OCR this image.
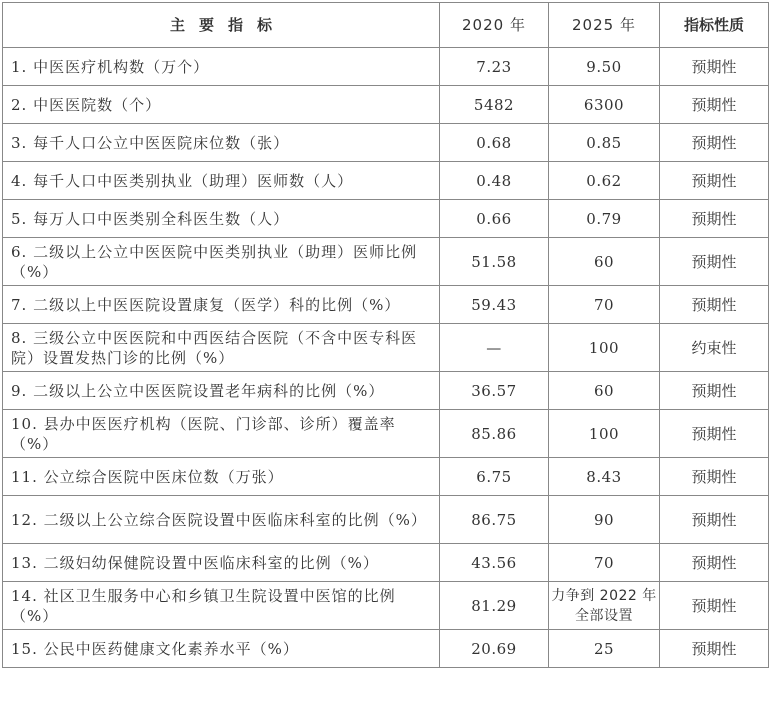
主要指标	2020 年	2025 年	指标性质
1. 中医医疗机构数（万个）	7.23	9.50	预期性
2. 中医医院数（个）	5482	6300	预期性
3. 每千人口公立中医医院床位数（张）	0.68	0.85	预期性
4. 每千人口中医类别执业（助理）医师数（人）	0.48	0.62	预期性
5. 每万人口中医类别全科医生数（人）	0.66	0.79	预期性
6. 二级以上公立中医医院中医类别执业（助理）医师比例（%）	51.58	60	预期性
7. 二级以上中医医院设置康复（医学）科的比例（%）	59.43	70	预期性
8. 三级公立中医医院和中西医结合医院（不含中医专科医院）设置发热门诊的比例（%）	—	100	约束性
9. 二级以上公立中医医院设置老年病科的比例（%）	36.57	60	预期性
10. 县办中医医疗机构（医院、门诊部、诊所）覆盖率（%）	85.86	100	预期性
11. 公立综合医院中医床位数（万张）	6.75	8.43	预期性
12. 二级以上公立综合医院设置中医临床科室的比例（%）	86.75	90	预期性
13. 二级妇幼保健院设置中医临床科室的比例（%）	43.56	70	预期性
14. 社区卫生服务中心和乡镇卫生院设置中医馆的比例（%）	81.29	力争到 2022 年全部设置	预期性
15. 公民中医药健康文化素养水平（%）	20.69	25	预期性
